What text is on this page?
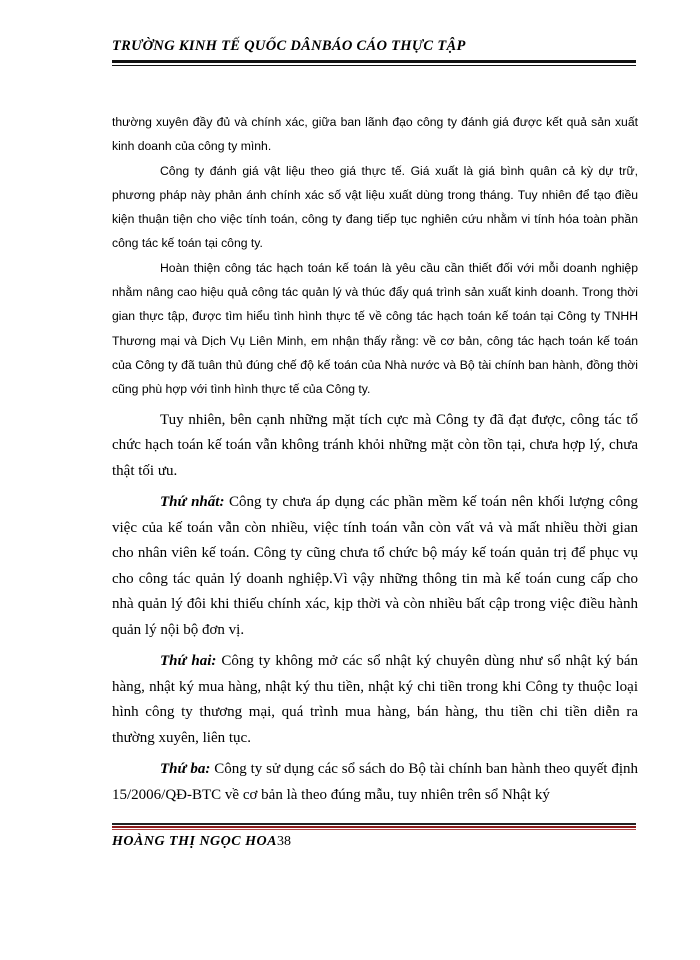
TRƯỜNG KINH TẾ QUỐC DÂNBÁO CÁO THỰC TẬP

thường xuyên đầy đủ và chính xác, giữa ban lãnh đạo công ty đánh giá được kết quả sản xuất kinh doanh của công ty mình.

Công ty đánh giá vật liệu theo giá thực tế. Giá xuất là giá bình quân cả kỳ dự trữ, phương pháp này phản ánh chính xác số vật liệu xuất dùng trong tháng. Tuy nhiên để tạo điều kiện thuận tiện cho việc tính toán, công ty đang tiếp tục nghiên cứu nhằm vi tính hóa toàn phần công tác kế toán tại công ty.

Hoàn thiện công tác hạch toán kế toán là yêu cầu cần thiết đối với mỗi doanh nghiệp nhằm nâng cao hiệu quả công tác quản lý và thúc đẩy quá trình sản xuất kinh doanh. Trong thời gian thực tập, được tìm hiểu tình hình thực tế về công tác hạch toán kế toán tại Công ty TNHH Thương mại và Dịch Vụ Liên Minh, em nhận thấy rằng: về cơ bản, công tác hạch toán kế toán của Công ty đã tuân thủ đúng chế độ kế toán của Nhà nước và Bộ tài chính ban hành, đồng thời cũng phù hợp với tình hình thực tế của Công ty.

Tuy nhiên, bên cạnh những mặt tích cực mà Công ty đã đạt được, công tác tổ chức hạch toán kế toán vẫn không tránh khỏi những mặt còn tồn tại, chưa hợp lý, chưa thật tối ưu.

Thứ nhất: Công ty chưa áp dụng các phần mềm kế toán nên khối lượng công việc của kế toán vẫn còn nhiều, việc tính toán vẫn còn vất vả và mất nhiều thời gian cho nhân viên kế toán. Công ty cũng chưa tổ chức bộ máy kế toán quản trị để phục vụ cho công tác quản lý doanh nghiệp.Vì vậy những thông tin mà kế toán cung cấp cho nhà quản lý đôi khi thiếu chính xác, kịp thời và còn nhiều bất cập trong việc điều hành quản lý nội bộ đơn vị.

Thứ hai: Công ty không mở các sổ nhật ký chuyên dùng như sổ nhật ký bán hàng, nhật ký mua hàng, nhật ký thu tiền, nhật ký chi tiền trong khi Công ty thuộc loại hình công ty thương mại, quá trình mua hàng, bán hàng, thu tiền chi tiền diễn ra thường xuyên, liên tục.

Thứ ba: Công ty sử dụng các sổ sách do Bộ tài chính ban hành theo quyết định 15/2006/QĐ-BTC về cơ bản là theo đúng mẫu, tuy nhiên trên sổ Nhật ký

HOÀNG THỊ NGỌC HOA38
